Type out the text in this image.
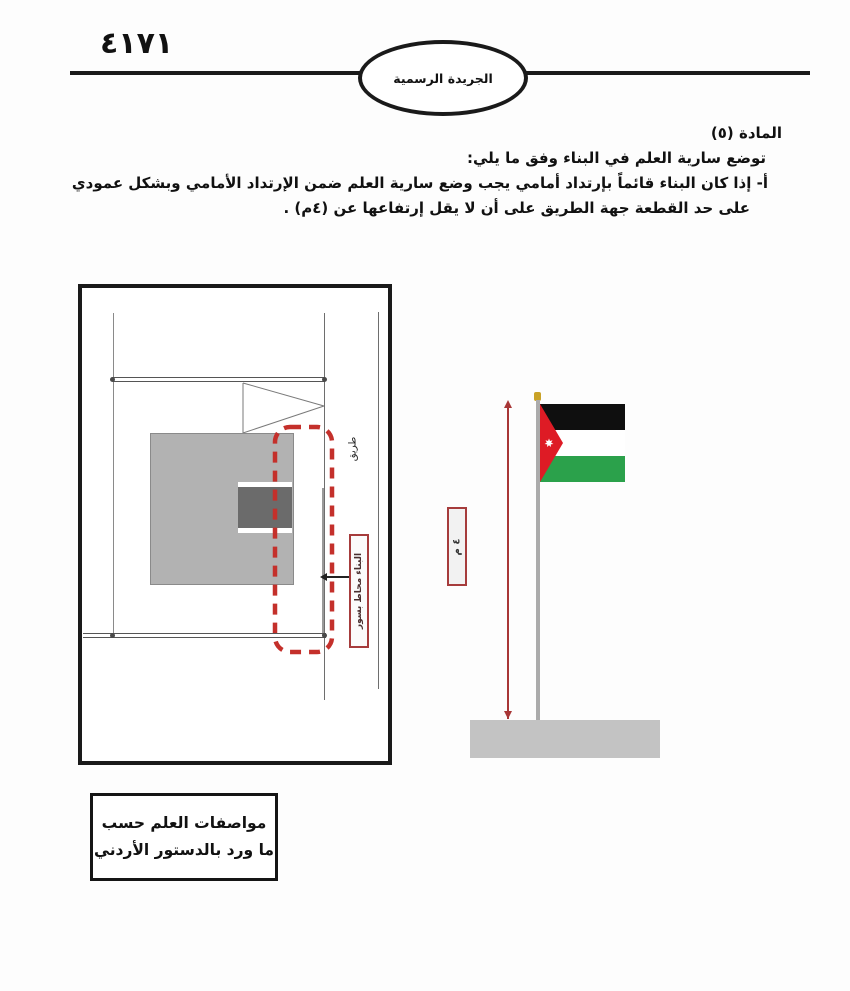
٤١٧١
الجريدة الرسمية
المادة (٥)
توضع سارية العلم في البناء وفق ما يلي:
أ- إذا كان البناء قائماً بإرتداد أمامي يجب وضع سارية العلم ضمن الإرتداد الأمامي وبشكل عمودي
على حد القطعة جهة الطريق على أن لا يقل إرتفاعها عن (٤م) .
طريق
البناء محاط بسور
٤ م
مواصفات العلم حسب
ما ورد بالدستور الأردني
